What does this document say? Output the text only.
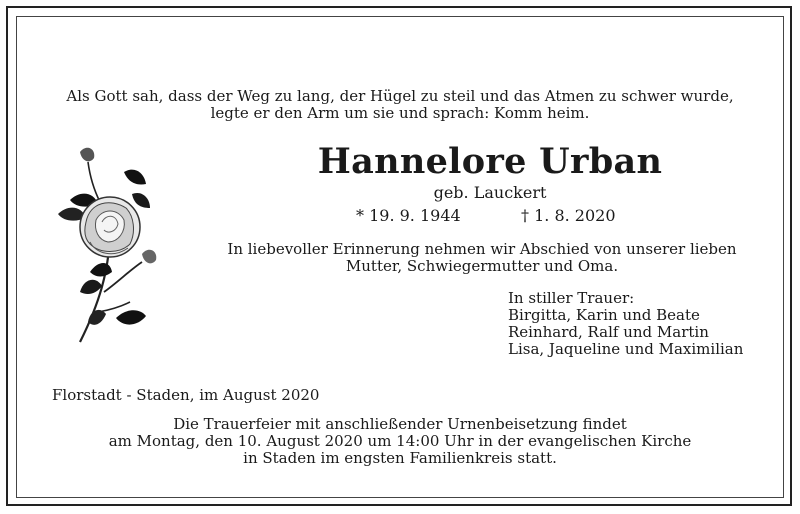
Als Gott sah, dass der Weg zu lang, der Hügel zu steil und das Atmen zu schwer wurde,
legte er den Arm um sie und sprach: Komm heim.
Hannelore Urban
geb. Lauckert
* 19. 9. 1944	† 1. 8. 2020
In liebevoller Erinnerung nehmen wir Abschied von unserer lieben
Mutter, Schwiegermutter und Oma.
In stiller Trauer:
Birgitta, Karin und Beate
Reinhard, Ralf und Martin
Lisa, Jaqueline und Maximilian
Florstadt - Staden, im August 2020
Die Trauerfeier mit anschließender Urnenbeisetzung findet
am Montag, den 10. August 2020 um 14:00 Uhr in der evangelischen Kirche
in Staden im engsten Familienkreis statt.
